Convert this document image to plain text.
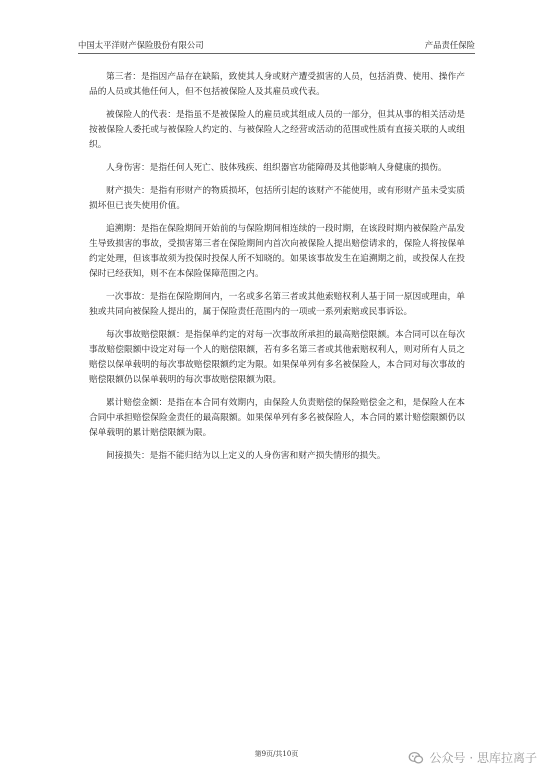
中国太平洋财产保险股份有限公司	产品责任保险

第三者：是指因产品存在缺陷，致使其人身或财产遭受损害的人员，包括消费、使用、操作产品的人员或其他任何人，但不包括被保险人及其雇员或代表。

被保险人的代表：是指虽不是被保险人的雇员或其组成人员的一部分，但其从事的相关活动是按被保险人委托或与被保险人约定的、与被保险人之经营或活动的范围或性质有直接关联的人或组织。

人身伤害：是指任何人死亡、肢体残疾、组织器官功能障碍及其他影响人身健康的损伤。

财产损失：是指有形财产的物质损坏，包括所引起的该财产不能使用，或有形财产虽未受实质损坏但已丧失使用价值。

追溯期：是指在保险期间开始前的与保险期间相连续的一段时期，在该段时期内被保险产品发生导致损害的事故，受损害第三者在保险期间内首次向被保险人提出赔偿请求的，保险人将按保单约定处理，但该事故须为投保时投保人所不知晓的。如果该事故发生在追溯期之前，或投保人在投保时已经获知，则不在本保险保障范围之内。

一次事故：是指在保险期间内，一名或多名第三者或其他索赔权利人基于同一原因或理由，单独或共同向被保险人提出的，属于保险责任范围内的一项或一系列索赔或民事诉讼。

每次事故赔偿限额：是指保单约定的对每一次事故所承担的最高赔偿限额。本合同可以在每次事故赔偿限额中设定对每一个人的赔偿限额，若有多名第三者或其他索赔权利人，则对所有人员之赔偿以保单载明的每次事故赔偿限额约定为限。如果保单列有多名被保险人，本合同对每次事故的赔偿限额仍以保单载明的每次事故赔偿限额为限。

累计赔偿金额：是指在本合同有效期内，由保险人负责赔偿的保险赔偿金之和，是保险人在本合同中承担赔偿保险金责任的最高限额。如果保单列有多名被保险人，本合同的累计赔偿限额仍以保单载明的累计赔偿限额为限。

间接损失：是指不能归结为以上定义的人身伤害和财产损失情形的损失。

第9页/共10页	公众号 · 思库拉离子
